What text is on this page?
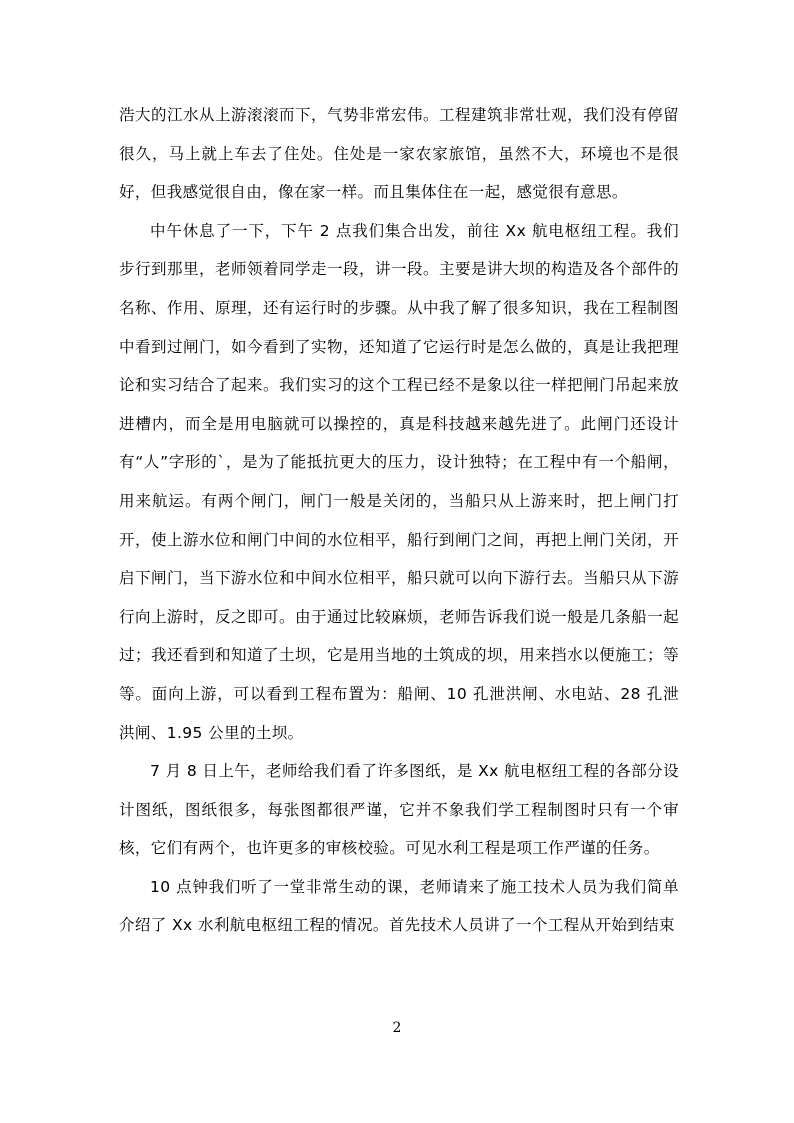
浩大的江水从上游滚滚而下，气势非常宏伟。工程建筑非常壮观，我们没有停留很久，马上就上车去了住处。住处是一家农家旅馆，虽然不大，环境也不是很好，但我感觉很自由，像在家一样。而且集体住在一起，感觉很有意思。

中午休息了一下，下午 2 点我们集合出发，前往 Xx 航电枢纽工程。我们步行到那里，老师领着同学走一段，讲一段。主要是讲大坝的构造及各个部件的名称、作用、原理，还有运行时的步骤。从中我了解了很多知识，我在工程制图中看到过闸门，如今看到了实物，还知道了它运行时是怎么做的，真是让我把理论和实习结合了起来。我们实习的这个工程已经不是象以往一样把闸门吊起来放进槽内，而全是用电脑就可以操控的，真是科技越来越先进了。此闸门还设计有“人”字形的`，是为了能抵抗更大的压力，设计独特；在工程中有一个船闸，用来航运。有两个闸门，闸门一般是关闭的，当船只从上游来时，把上闸门打开，使上游水位和闸门中间的水位相平，船行到闸门之间，再把上闸门关闭，开启下闸门，当下游水位和中间水位相平，船只就可以向下游行去。当船只从下游行向上游时，反之即可。由于通过比较麻烦，老师告诉我们说一般是几条船一起过；我还看到和知道了土坝，它是用当地的土筑成的坝，用来挡水以便施工；等等。面向上游，可以看到工程布置为：船闸、10 孔泄洪闸、水电站、28 孔泄洪闸、1.95 公里的土坝。

7 月 8 日上午，老师给我们看了许多图纸，是 Xx 航电枢纽工程的各部分设计图纸，图纸很多，每张图都很严谨，它并不象我们学工程制图时只有一个审核，它们有两个，也许更多的审核校验。可见水利工程是项工作严谨的任务。

10 点钟我们听了一堂非常生动的课，老师请来了施工技术人员为我们简单介绍了 Xx 水利航电枢纽工程的情况。首先技术人员讲了一个工程从开始到结束

2
